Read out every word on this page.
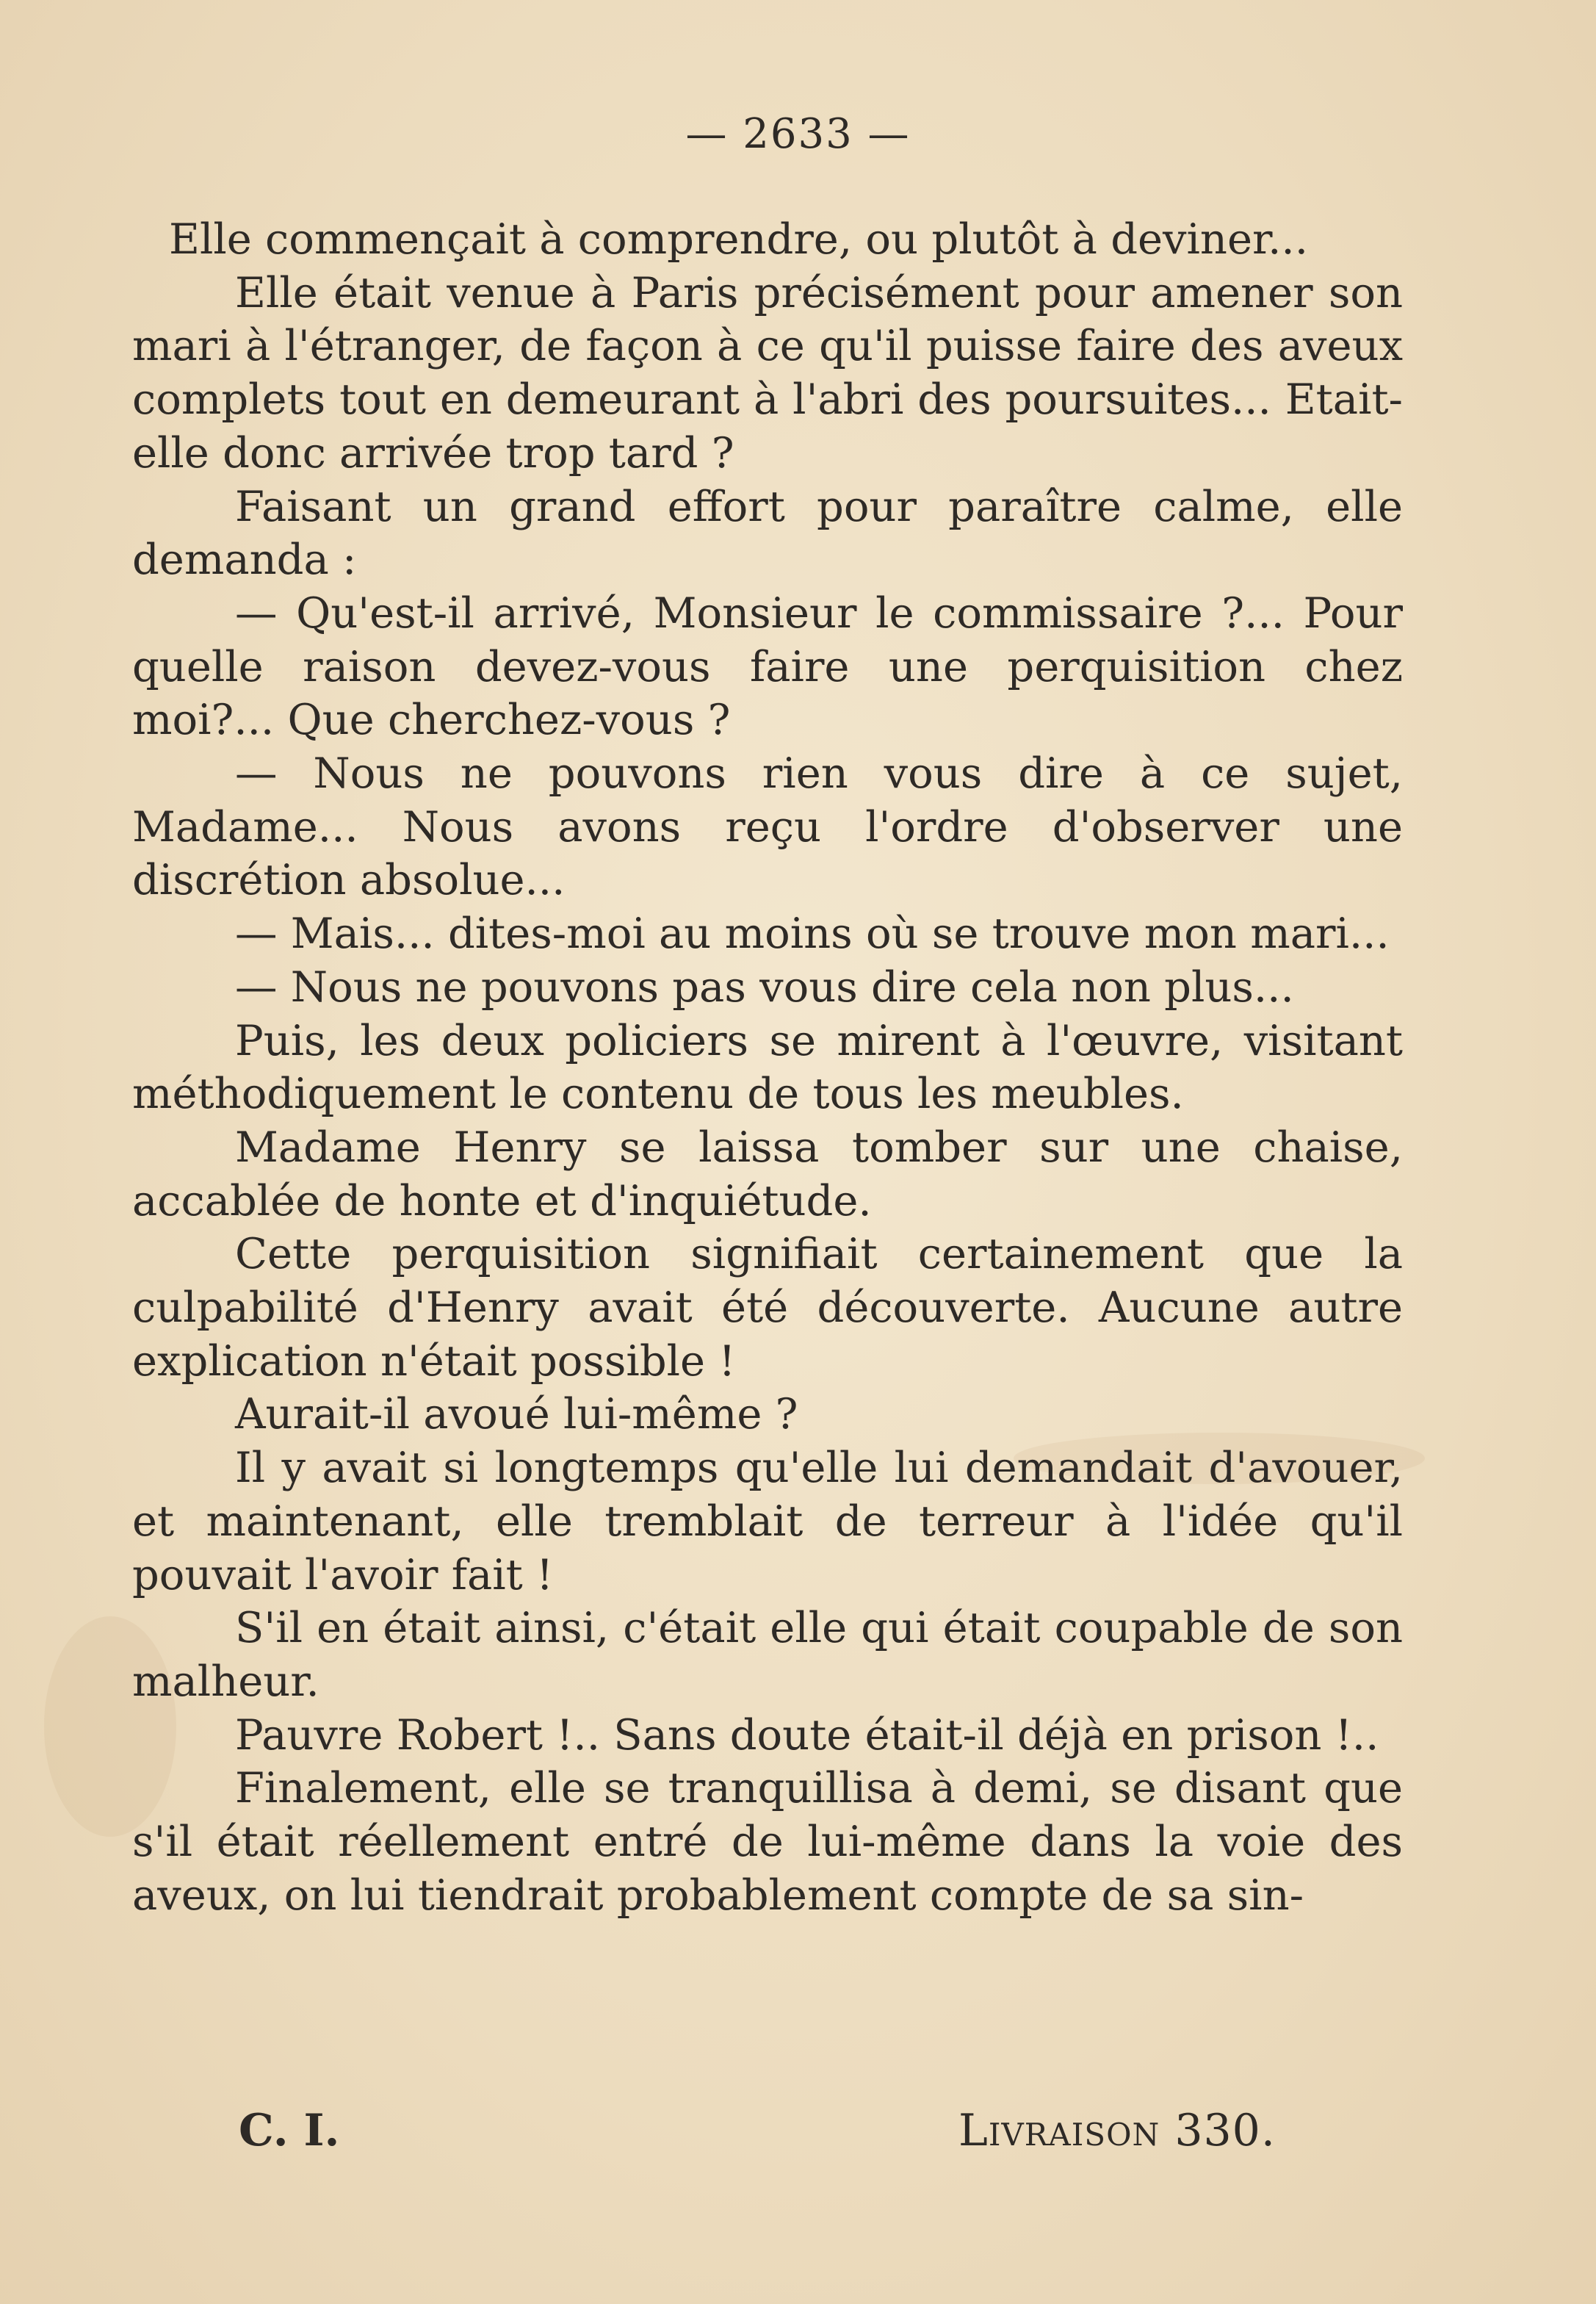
— 2633 —

Elle commençait à comprendre, ou plutôt à deviner...

Elle était venue à Paris précisément pour amener son mari à l'étranger, de façon à ce qu'il puisse faire des aveux complets tout en demeurant à l'abri des poursuites... Etait-elle donc arrivée trop tard ?

Faisant un grand effort pour paraître calme, elle demanda :

— Qu'est-il arrivé, Monsieur le commissaire ?... Pour quelle raison devez-vous faire une perquisition chez moi?... Que cherchez-vous ?

— Nous ne pouvons rien vous dire à ce sujet, Madame... Nous avons reçu l'ordre d'observer une discrétion absolue...

— Mais... dites-moi au moins où se trouve mon mari...

— Nous ne pouvons pas vous dire cela non plus...

Puis, les deux policiers se mirent à l'œuvre, visitant méthodiquement le contenu de tous les meubles.

Madame Henry se laissa tomber sur une chaise, accablée de honte et d'inquiétude.

Cette perquisition signifiait certainement que la culpabilité d'Henry avait été découverte. Aucune autre explication n'était possible !

Aurait-il avoué lui-même ?

Il y avait si longtemps qu'elle lui demandait d'avouer, et maintenant, elle tremblait de terreur à l'idée qu'il pouvait l'avoir fait !

S'il en était ainsi, c'était elle qui était coupable de son malheur.

Pauvre Robert !.. Sans doute était-il déjà en prison !..

Finalement, elle se tranquillisa à demi, se disant que s'il était réellement entré de lui-même dans la voie des aveux, on lui tiendrait probablement compte de sa sin-

C. I.	Livraison 330.
